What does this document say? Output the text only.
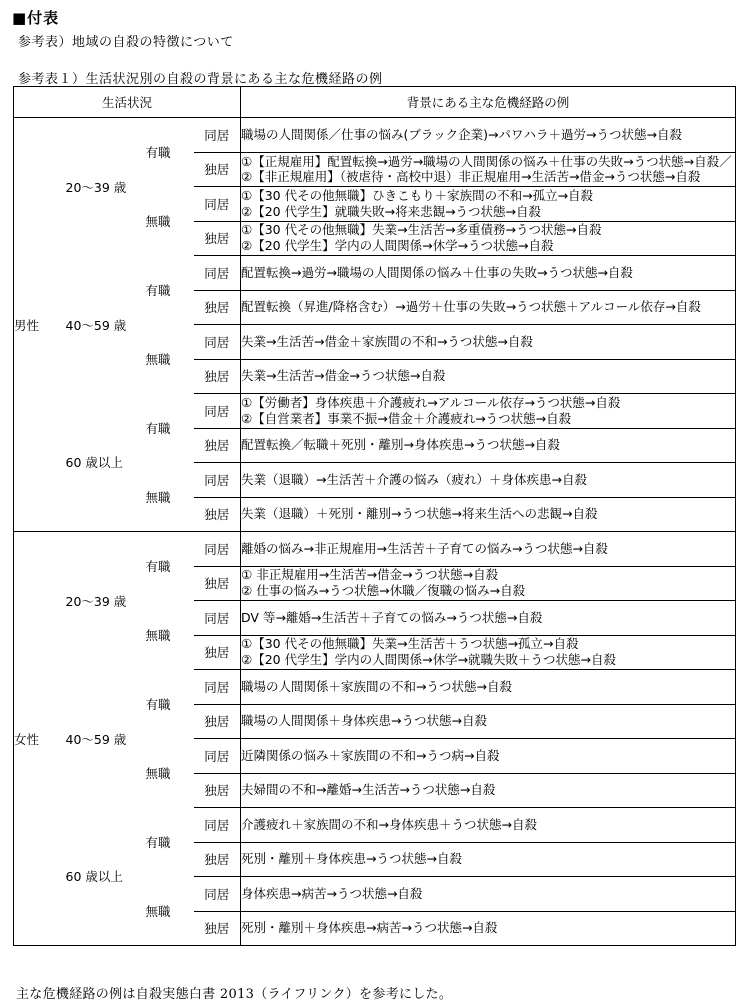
■付表
参考表）地域の自殺の特徴について
参考表１）生活状況別の自殺の背景にある主な危機経路の例
生活状況				背景にある主な危機経路の例
男性	20～39 歳	有職	同居	職場の人間関係／仕事の悩み(ブラック企業)→パワハラ＋過労→うつ状態→自殺
			独居	①【正規雇用】配置転換→過労→職場の人間関係の悩み＋仕事の失敗→うつ状態→自殺／②【非正規雇用】（被虐待・高校中退）非正規雇用→生活苦→借金→うつ状態→自殺
		無職	同居	①【30 代その他無職】ひきこもり＋家族間の不和→孤立→自殺
②【20 代学生】就職失敗→将来悲観→うつ状態→自殺

			独居	①【30 代その他無職】失業→生活苦→多重債務→うつ状態→自殺
②【20 代学生】学内の人間関係→休学→うつ状態→自殺

	40～59 歳	有職	同居	配置転換→過労→職場の人間関係の悩み＋仕事の失敗→うつ状態→自殺
			独居	配置転換（昇進/降格含む）→過労＋仕事の失敗→うつ状態＋アルコール依存→自殺
		無職	同居	失業→生活苦→借金＋家族間の不和→うつ状態→自殺
			独居	失業→生活苦→借金→うつ状態→自殺
	60 歳以上	有職	同居	①【労働者】身体疾患＋介護疲れ→アルコール依存→うつ状態→自殺
②【自営業者】事業不振→借金＋介護疲れ→うつ状態→自殺

			独居	配置転換／転職＋死別・離別→身体疾患→うつ状態→自殺
		無職	同居	失業（退職）→生活苦＋介護の悩み（疲れ）＋身体疾患→自殺
			独居	失業（退職）＋死別・離別→うつ状態→将来生活への悲観→自殺
女性	20～39 歳	有職	同居	離婚の悩み→非正規雇用→生活苦＋子育ての悩み→うつ状態→自殺
			独居	① 非正規雇用→生活苦→借金→うつ状態→自殺
② 仕事の悩み→うつ状態→休職／復職の悩み→自殺

		無職	同居	DV 等→離婚→生活苦＋子育ての悩み→うつ状態→自殺
			独居	①【30 代その他無職】失業→生活苦＋うつ状態→孤立→自殺
②【20 代学生】学内の人間関係→休学→就職失敗＋うつ状態→自殺

	40～59 歳	有職	同居	職場の人間関係＋家族間の不和→うつ状態→自殺
			独居	職場の人間関係＋身体疾患→うつ状態→自殺
		無職	同居	近隣関係の悩み＋家族間の不和→うつ病→自殺
			独居	夫婦間の不和→離婚→生活苦→うつ状態→自殺
	60 歳以上	有職	同居	介護疲れ＋家族間の不和→身体疾患＋うつ状態→自殺
			独居	死別・離別＋身体疾患→うつ状態→自殺
		無職	同居	身体疾患→病苦→うつ状態→自殺
			独居	死別・離別＋身体疾患→病苦→うつ状態→自殺
主な危機経路の例は自殺実態白書 2013（ライフリンク）を参考にした。
